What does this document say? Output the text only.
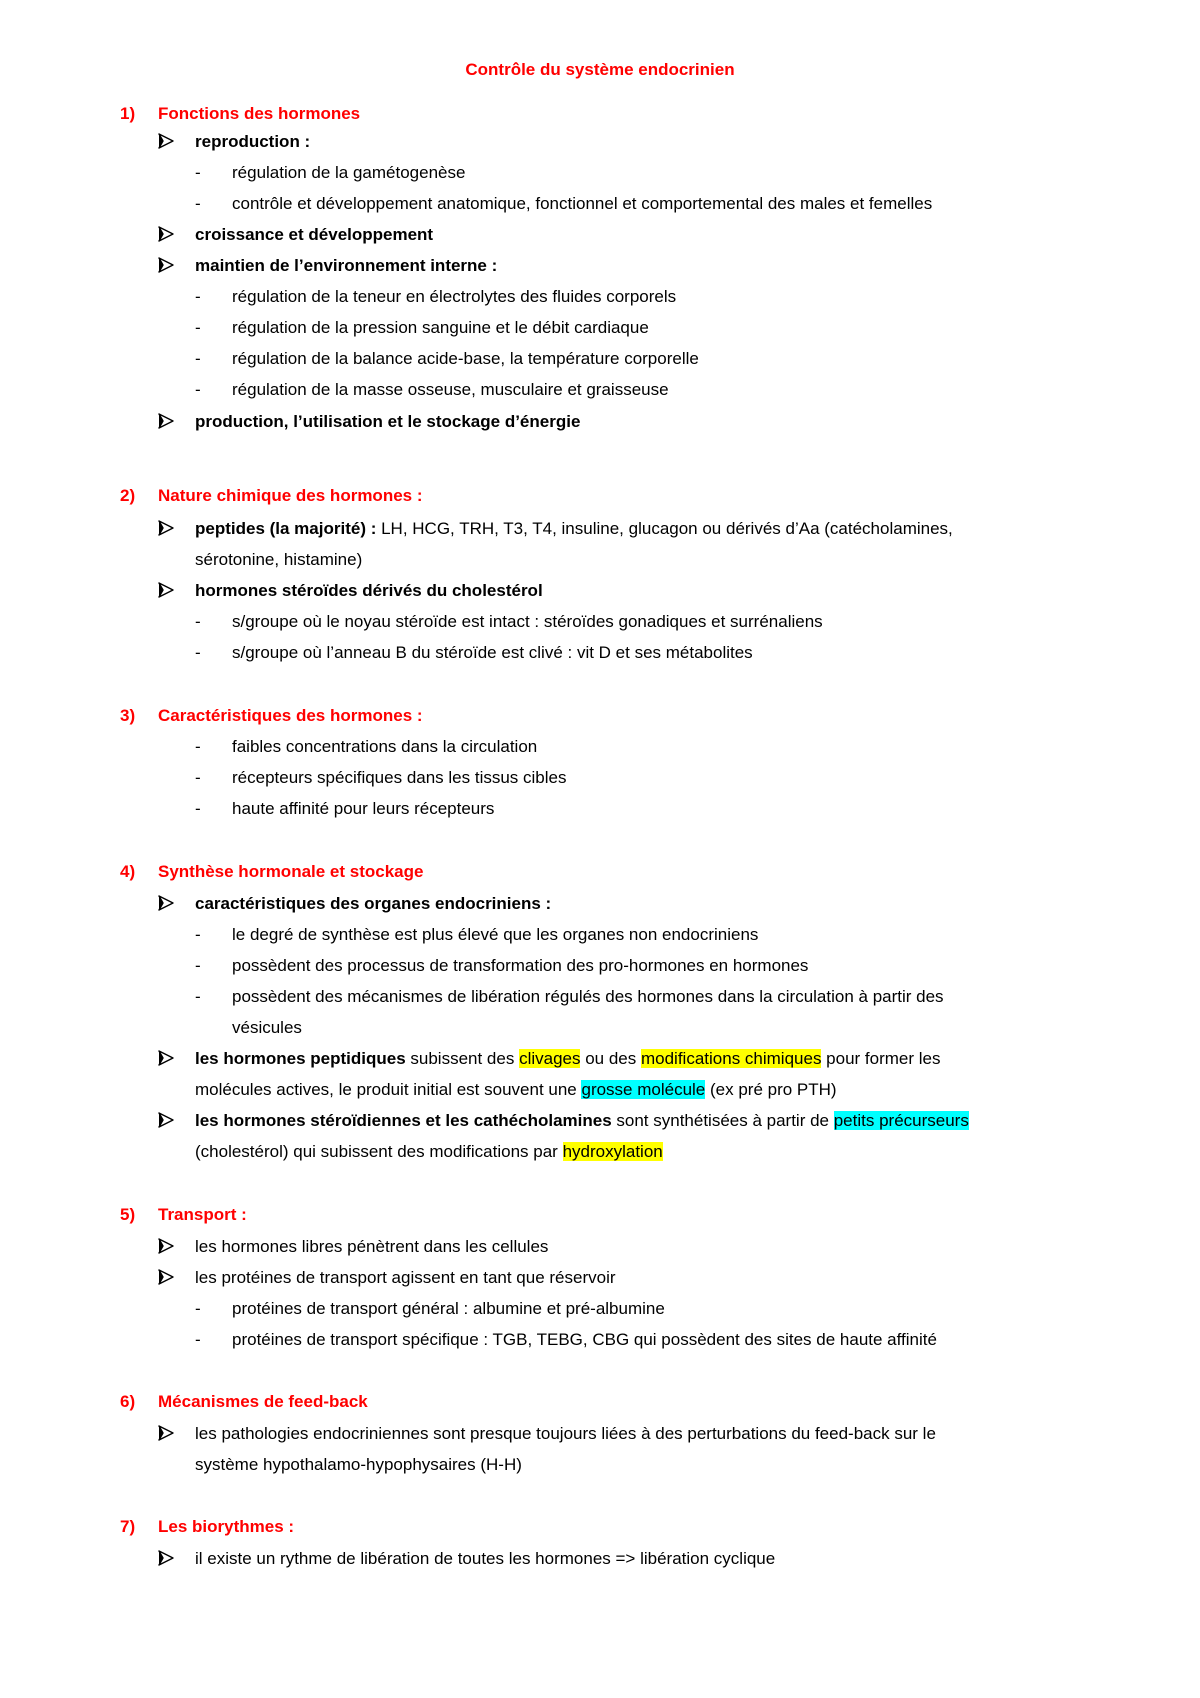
Contrôle du système endocrinien
1) Fonctions des hormones
reproduction :
- régulation de la gamétogenèse
- contrôle et développement anatomique, fonctionnel et comportemental des males et femelles
croissance et développement
maintien de l’environnement interne :
- régulation de la teneur en électrolytes des fluides corporels
- régulation de la pression sanguine et le débit cardiaque
- régulation de la balance acide-base, la température corporelle
- régulation de la masse osseuse, musculaire et graisseuse
production, l’utilisation et le stockage d’énergie
2) Nature chimique des hormones :
peptides (la majorité) : LH, HCG, TRH, T3, T4, insuline, glucagon ou dérivés d’Aa (catécholamines,
sérotonine, histamine)
hormones stéroïdes dérivés du cholestérol
- s/groupe où le noyau stéroïde est intact : stéroïdes gonadiques et surrénaliens
- s/groupe où l’anneau B du stéroïde est clivé : vit D et ses métabolites
3) Caractéristiques des hormones :
- faibles concentrations dans la circulation
- récepteurs spécifiques dans les tissus cibles
- haute affinité pour leurs récepteurs
4) Synthèse hormonale et stockage
caractéristiques des organes endocriniens :
- le degré de synthèse est plus élevé que les organes non endocriniens
- possèdent des processus de transformation des pro-hormones en hormones
- possèdent des mécanismes de libération régulés des hormones dans la circulation à partir des
vésicules
les hormones peptidiques subissent des clivages ou des modifications chimiques pour former les
molécules actives, le produit initial est souvent une grosse molécule (ex pré pro PTH)
les hormones stéroïdiennes et les cathécholamines sont synthétisées à partir de petits précurseurs
(cholestérol) qui subissent des modifications par hydroxylation
5) Transport :
les hormones libres pénètrent dans les cellules
les protéines de transport agissent en tant que réservoir
- protéines de transport général : albumine et pré-albumine
- protéines de transport spécifique : TGB, TEBG, CBG qui possèdent des sites de haute affinité
6) Mécanismes de feed-back
les pathologies endocriniennes sont presque toujours liées à des perturbations du feed-back sur le
système hypothalamo-hypophysaires (H-H)
7) Les biorythmes :
il existe un rythme de libération de toutes les hormones => libération cyclique
